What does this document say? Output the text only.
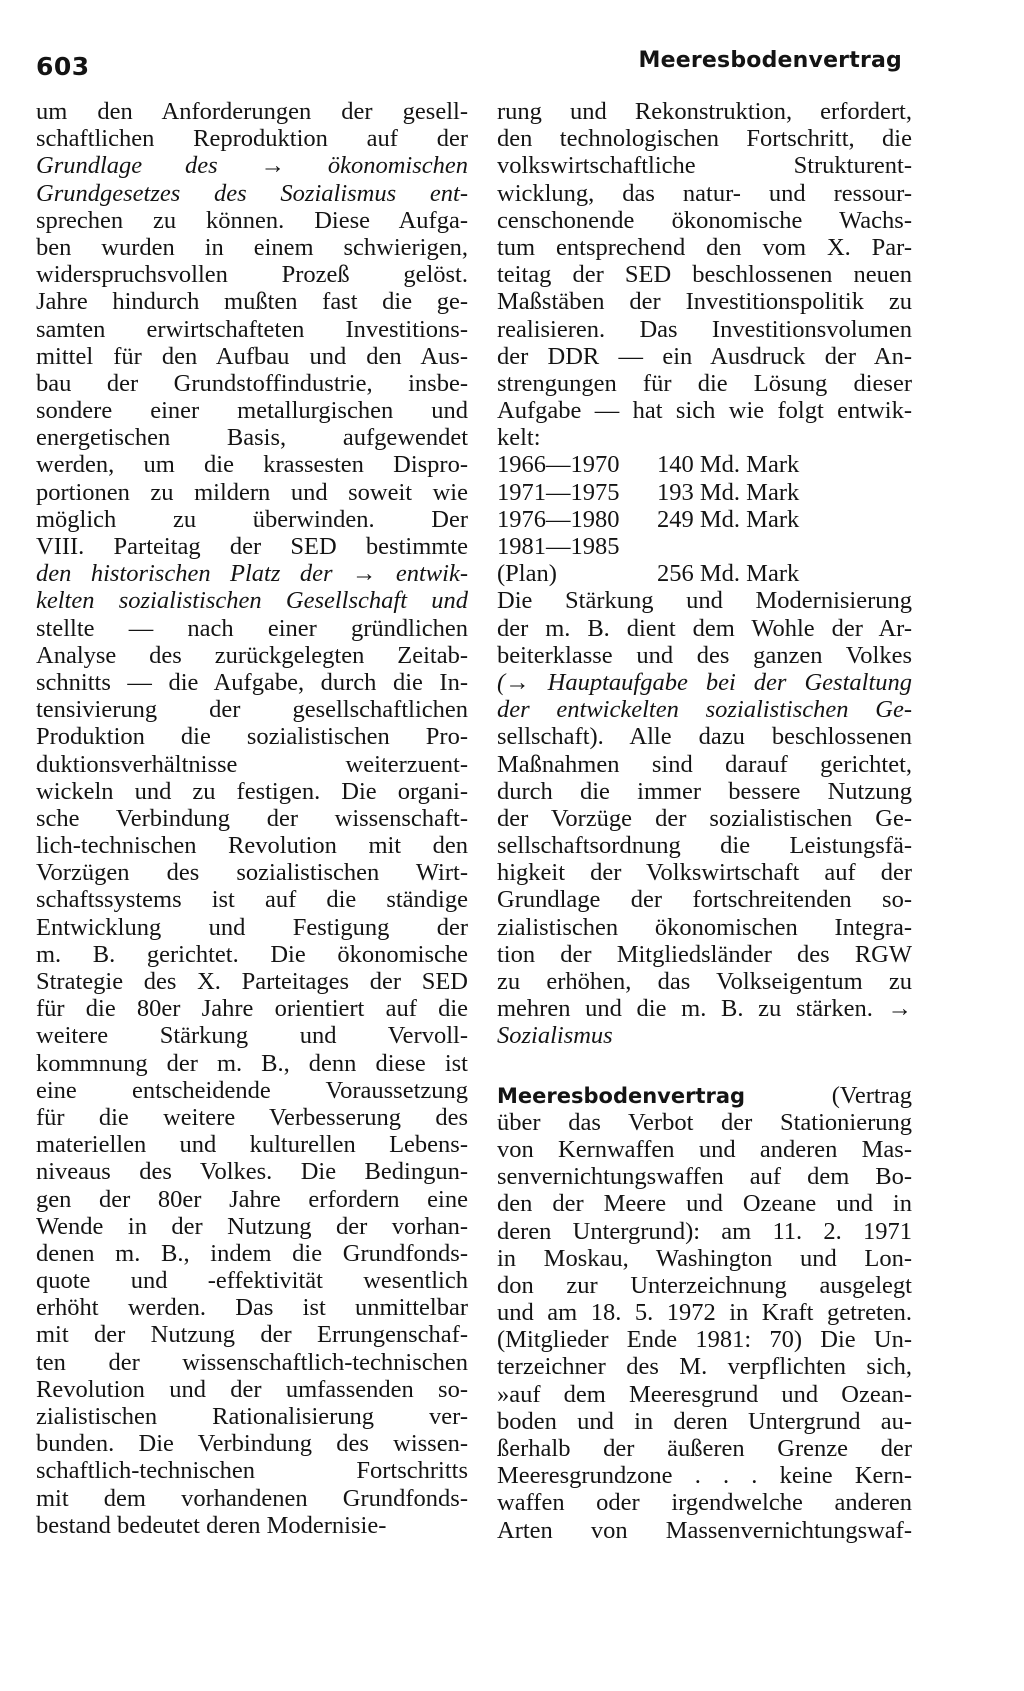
603	Meeresbodenvertrag
um den Anforderungen der gesell-
schaftlichen Reproduktion auf der
Grundlage des → ökonomischen
Grundgesetzes des Sozialismus ent-
sprechen zu können. Diese Aufga-
ben wurden in einem schwierigen,
widerspruchsvollen Prozeß gelöst.
Jahre hindurch mußten fast die ge-
samten erwirtschafteten Investitions-
mittel für den Aufbau und den Aus-
bau der Grundstoffindustrie, insbe-
sondere einer metallurgischen und
energetischen Basis, aufgewendet
werden, um die krassesten Dispro-
portionen zu mildern und soweit wie
möglich zu überwinden. Der
VIII. Parteitag der SED bestimmte
den historischen Platz der → entwik-
kelten sozialistischen Gesellschaft und
stellte — nach einer gründlichen
Analyse des zurückgelegten Zeitab-
schnitts — die Aufgabe, durch die In-
tensivierung der gesellschaftlichen
Produktion die sozialistischen Pro-
duktionsverhältnisse weiterzuent-
wickeln und zu festigen. Die organi-
sche Verbindung der wissenschaft-
lich-technischen Revolution mit den
Vorzügen des sozialistischen Wirt-
schaftssystems ist auf die ständige
Entwicklung und Festigung der
m. B. gerichtet. Die ökonomische
Strategie des X. Parteitages der SED
für die 80er Jahre orientiert auf die
weitere Stärkung und Vervoll-
kommnung der m. B., denn diese ist
eine entscheidende Voraussetzung
für die weitere Verbesserung des
materiellen und kulturellen Lebens-
niveaus des Volkes. Die Bedingun-
gen der 80er Jahre erfordern eine
Wende in der Nutzung der vorhan-
denen m. B., indem die Grundfonds-
quote und -effektivität wesentlich
erhöht werden. Das ist unmittelbar
mit der Nutzung der Errungenschaf-
ten der wissenschaftlich-technischen
Revolution und der umfassenden so-
zialistischen Rationalisierung ver-
bunden. Die Verbindung des wissen-
schaftlich-technischen Fortschritts
mit dem vorhandenen Grundfonds-
bestand bedeutet deren Modernisie-
rung und Rekonstruktion, erfordert,
den technologischen Fortschritt, die
volkswirtschaftliche Strukturent-
wicklung, das natur- und ressour-
censchonende ökonomische Wachs-
tum entsprechend den vom X. Par-
teitag der SED beschlossenen neuen
Maßstäben der Investitionspolitik zu
realisieren. Das Investitionsvolumen
der DDR — ein Ausdruck der An-
strengungen für die Lösung dieser
Aufgabe — hat sich wie folgt entwik-
kelt:
1966—1970	140 Md. Mark
1971—1975	193 Md. Mark
1976—1980	249 Md. Mark
1981—1985
(Plan)	256 Md. Mark
Die Stärkung und Modernisierung
der m. B. dient dem Wohle der Ar-
beiterklasse und des ganzen Volkes
(→ Hauptaufgabe bei der Gestaltung
der entwickelten sozialistischen Ge-
sellschaft). Alle dazu beschlossenen
Maßnahmen sind darauf gerichtet,
durch die immer bessere Nutzung
der Vorzüge der sozialistischen Ge-
sellschaftsordnung die Leistungsfä-
higkeit der Volkswirtschaft auf der
Grundlage der fortschreitenden so-
zialistischen ökonomischen Integra-
tion der Mitgliedsländer des RGW
zu erhöhen, das Volkseigentum zu
mehren und die m. B. zu stärken. →
Sozialismus
Meeresbodenvertrag	(Vertrag
über das Verbot der Stationierung
von Kernwaffen und anderen Mas-
senvernichtungswaffen auf dem Bo-
den der Meere und Ozeane und in
deren Untergrund): am 11. 2. 1971
in Moskau, Washington und Lon-
don zur Unterzeichnung ausgelegt
und am 18. 5. 1972 in Kraft getreten.
(Mitglieder Ende 1981: 70) Die Un-
terzeichner des M. verpflichten sich,
»auf dem Meeresgrund und Ozean-
boden und in deren Untergrund au-
ßerhalb der äußeren Grenze der
Meeresgrundzone . . . keine Kern-
waffen oder irgendwelche anderen
Arten von Massenvernichtungswaf-
